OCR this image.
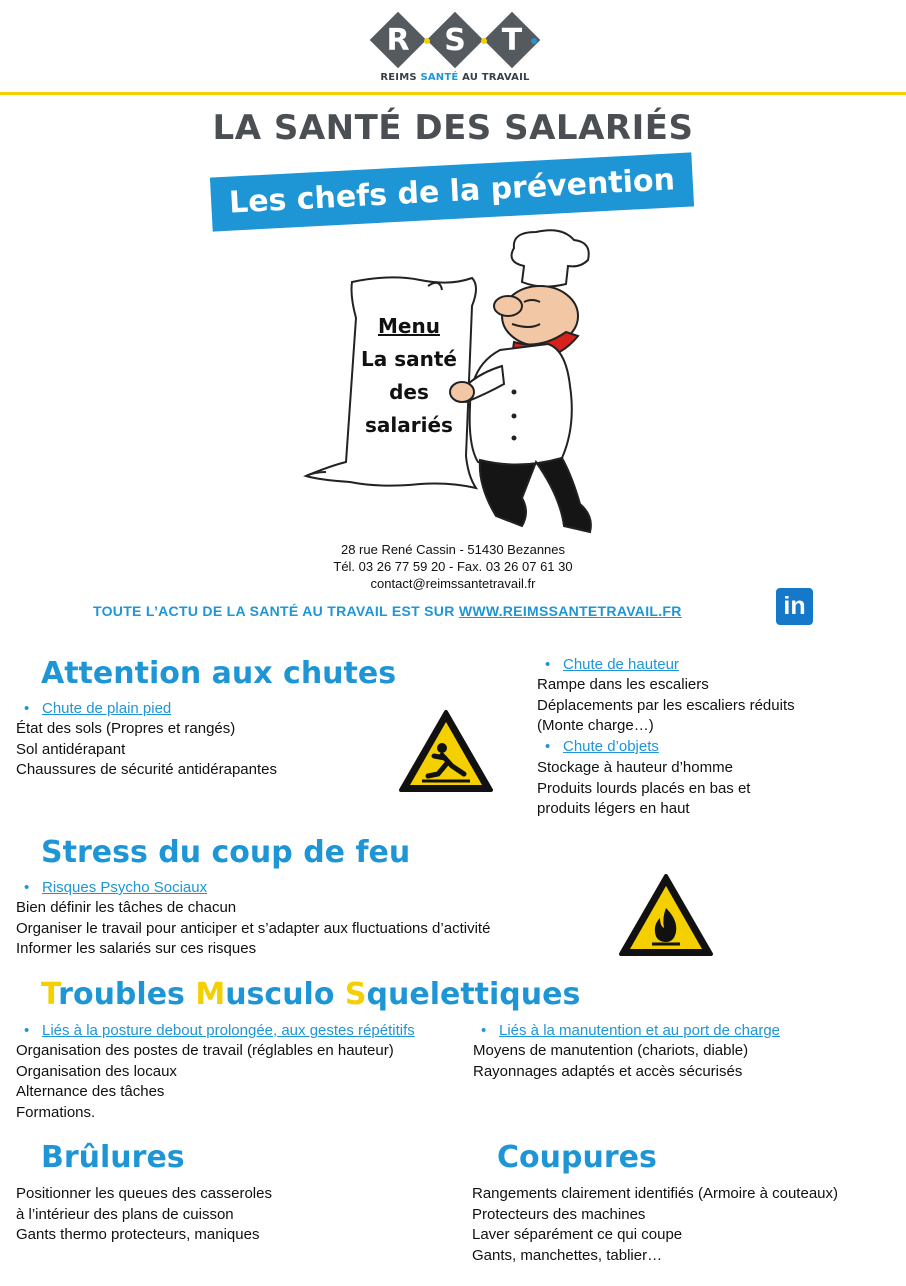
R	S	T
REIMS SANTÉ AU TRAVAIL
LA SANTÉ DES SALARIÉS
Les chefs de la prévention
Menu
La santé
des
salariés
28 rue René Cassin - 51430 Bezannes
Tél. 03 26 77 59 20 - Fax. 03 26 07 61 30
contact@reimssantetravail.fr
TOUTE L’ACTU DE LA SANTÉ AU TRAVAIL EST SUR WWW.REIMSSANTETRAVAIL.FR	in
Attention aux chutes
• Chute de plain pied
État des sols (Propres et rangés)
Sol antidérapant
Chaussures de sécurité antidérapantes
• Chute de hauteur
Rampe dans les escaliers
Déplacements par les escaliers réduits
(Monte charge…)
• Chute d’objets
Stockage à hauteur d’homme
Produits lourds placés en bas et
produits légers en haut
Stress du coup de feu
• Risques Psycho Sociaux
Bien définir les tâches de chacun
Organiser le travail pour anticiper et s’adapter aux fluctuations d’activité
Informer les salariés sur ces risques
Troubles Musculo Squelettiques
• Liés à la posture debout prolongée, aux gestes répétitifs
Organisation des postes de travail (réglables en hauteur)
Organisation des locaux
Alternance des tâches
Formations.
• Liés à la manutention et au port de charge
Moyens de manutention (chariots, diable)
Rayonnages adaptés et accès sécurisés
Brûlures
Positionner les queues des casseroles
à l’intérieur des plans de cuisson
Gants thermo protecteurs, maniques
Coupures
Rangements clairement identifiés (Armoire à couteaux)
Protecteurs des machines
Laver séparément ce qui coupe
Gants, manchettes, tablier…
